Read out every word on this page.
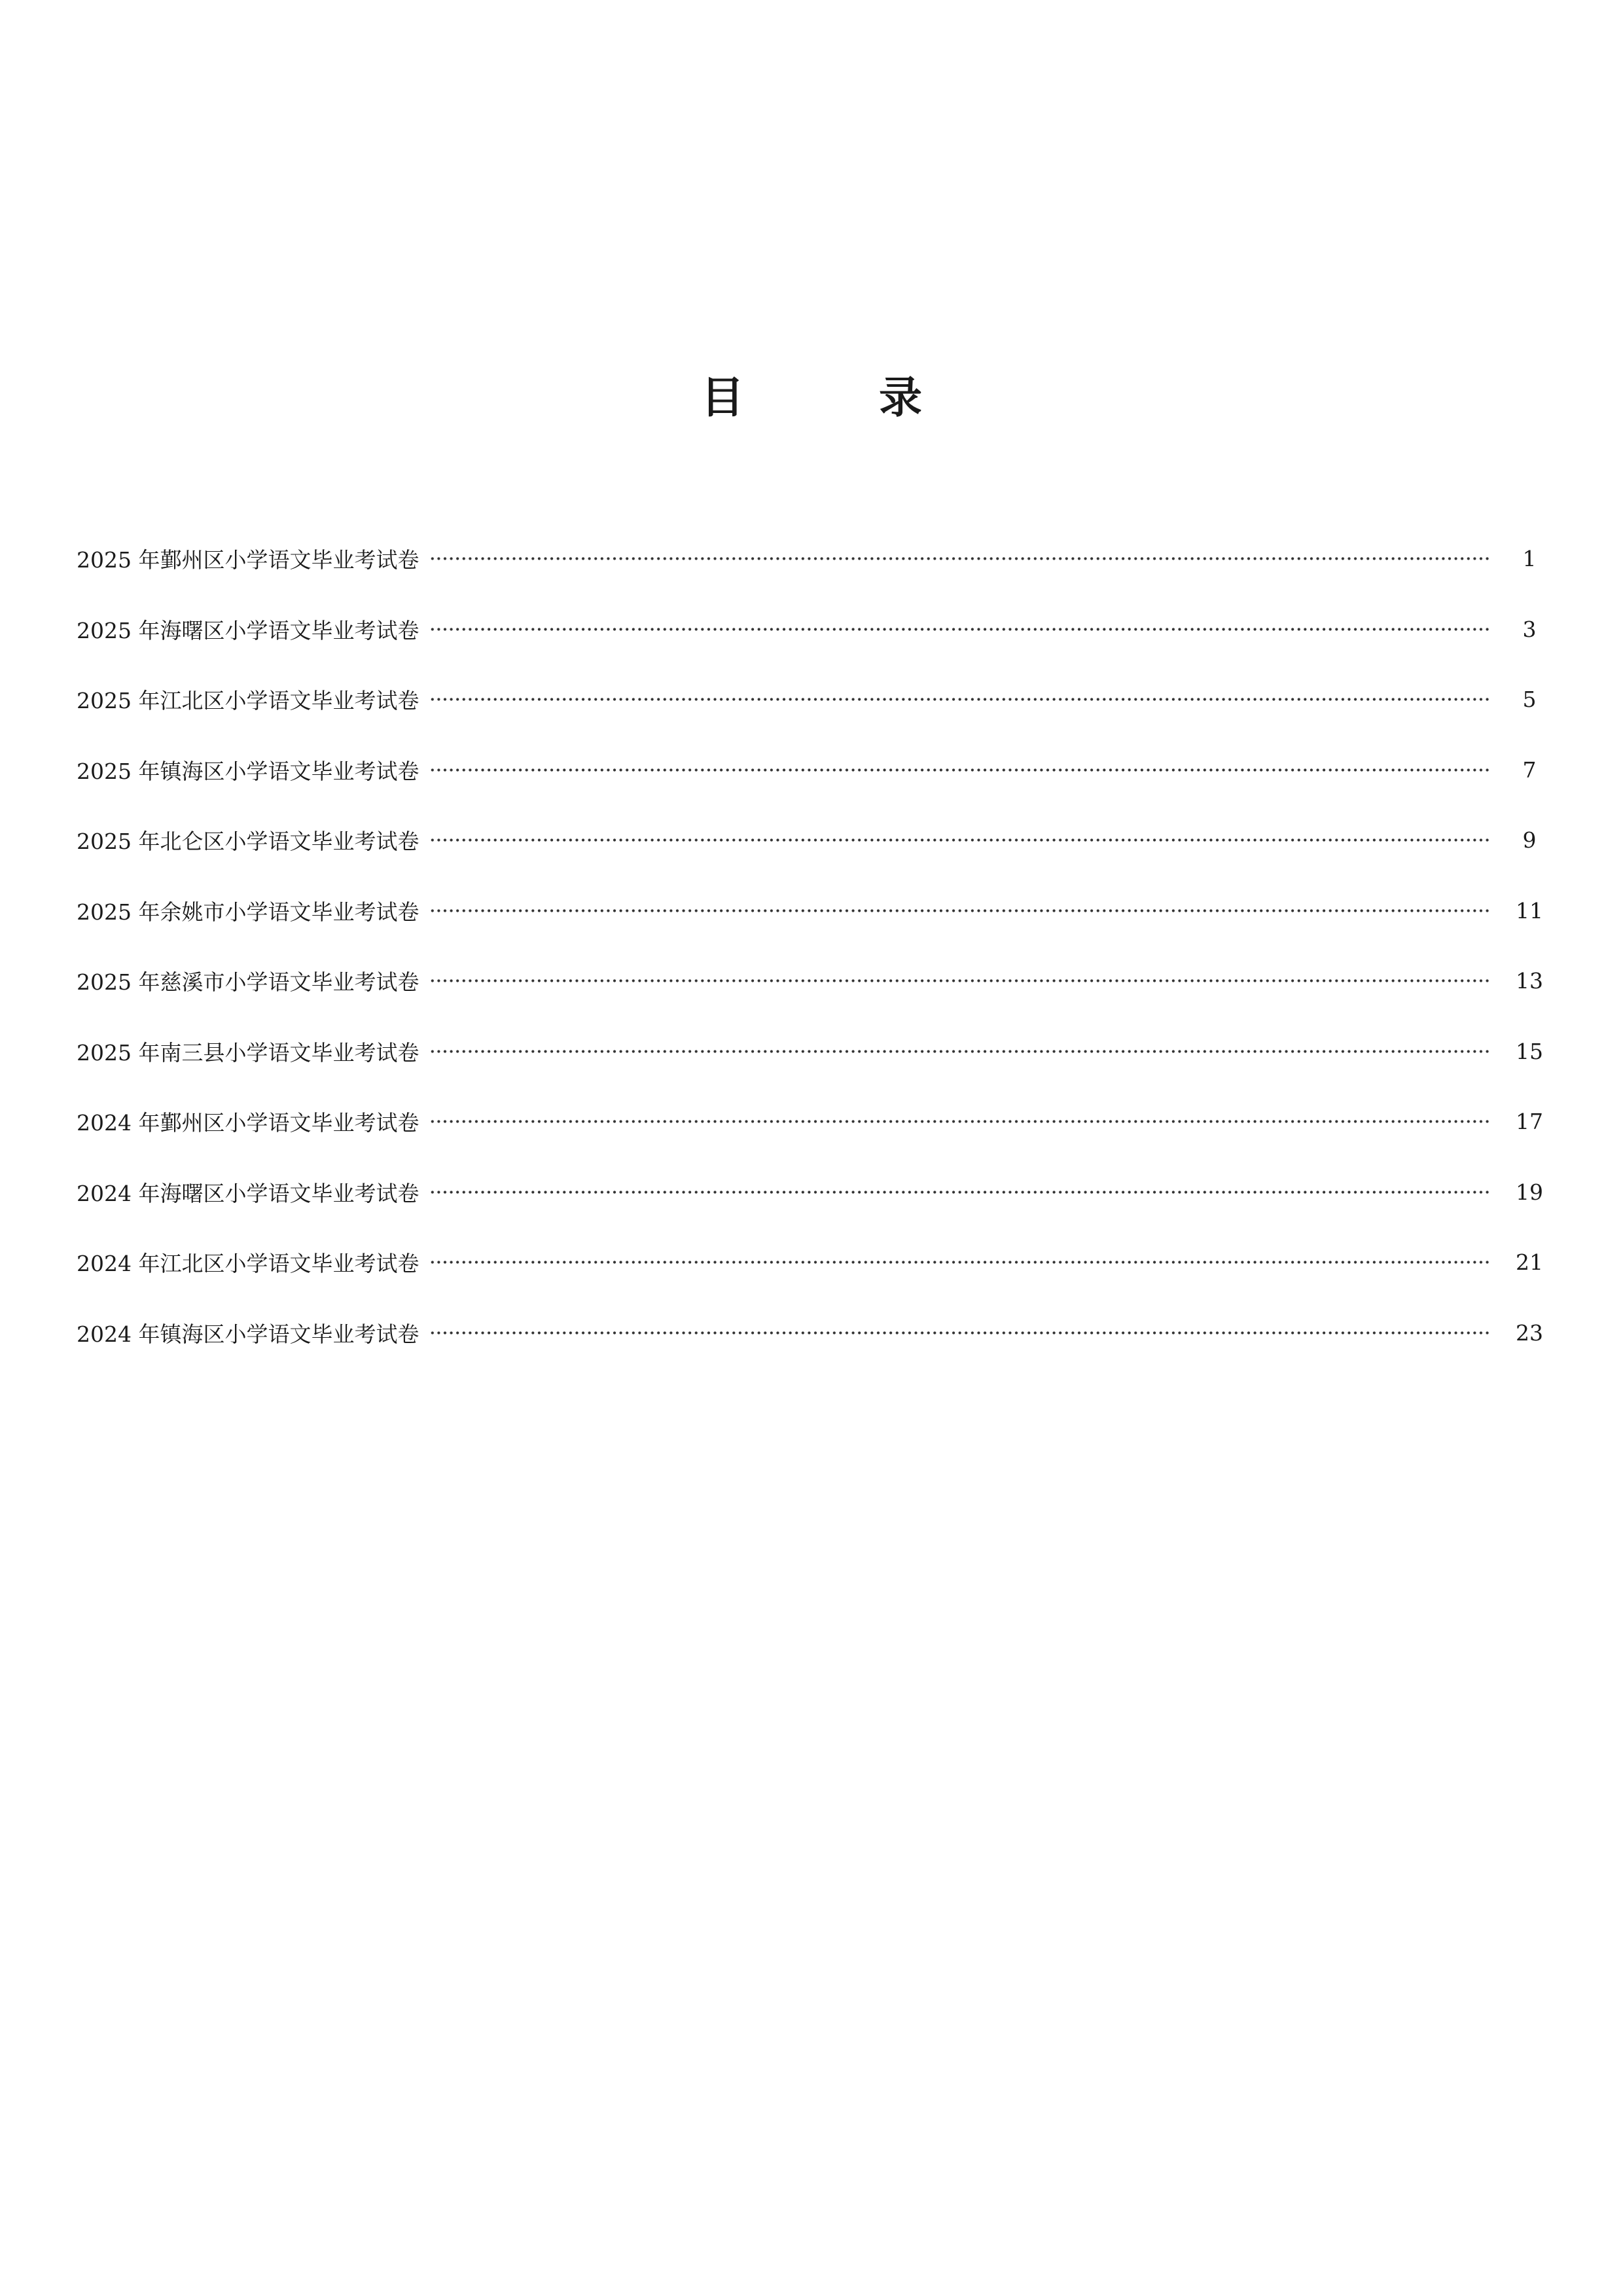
目　录
2025 年鄞州区小学语文毕业考试卷	1
2025 年海曙区小学语文毕业考试卷	3
2025 年江北区小学语文毕业考试卷	5
2025 年镇海区小学语文毕业考试卷	7
2025 年北仑区小学语文毕业考试卷	9
2025 年余姚市小学语文毕业考试卷	11
2025 年慈溪市小学语文毕业考试卷	13
2025 年南三县小学语文毕业考试卷	15
2024 年鄞州区小学语文毕业考试卷	17
2024 年海曙区小学语文毕业考试卷	19
2024 年江北区小学语文毕业考试卷	21
2024 年镇海区小学语文毕业考试卷	23
